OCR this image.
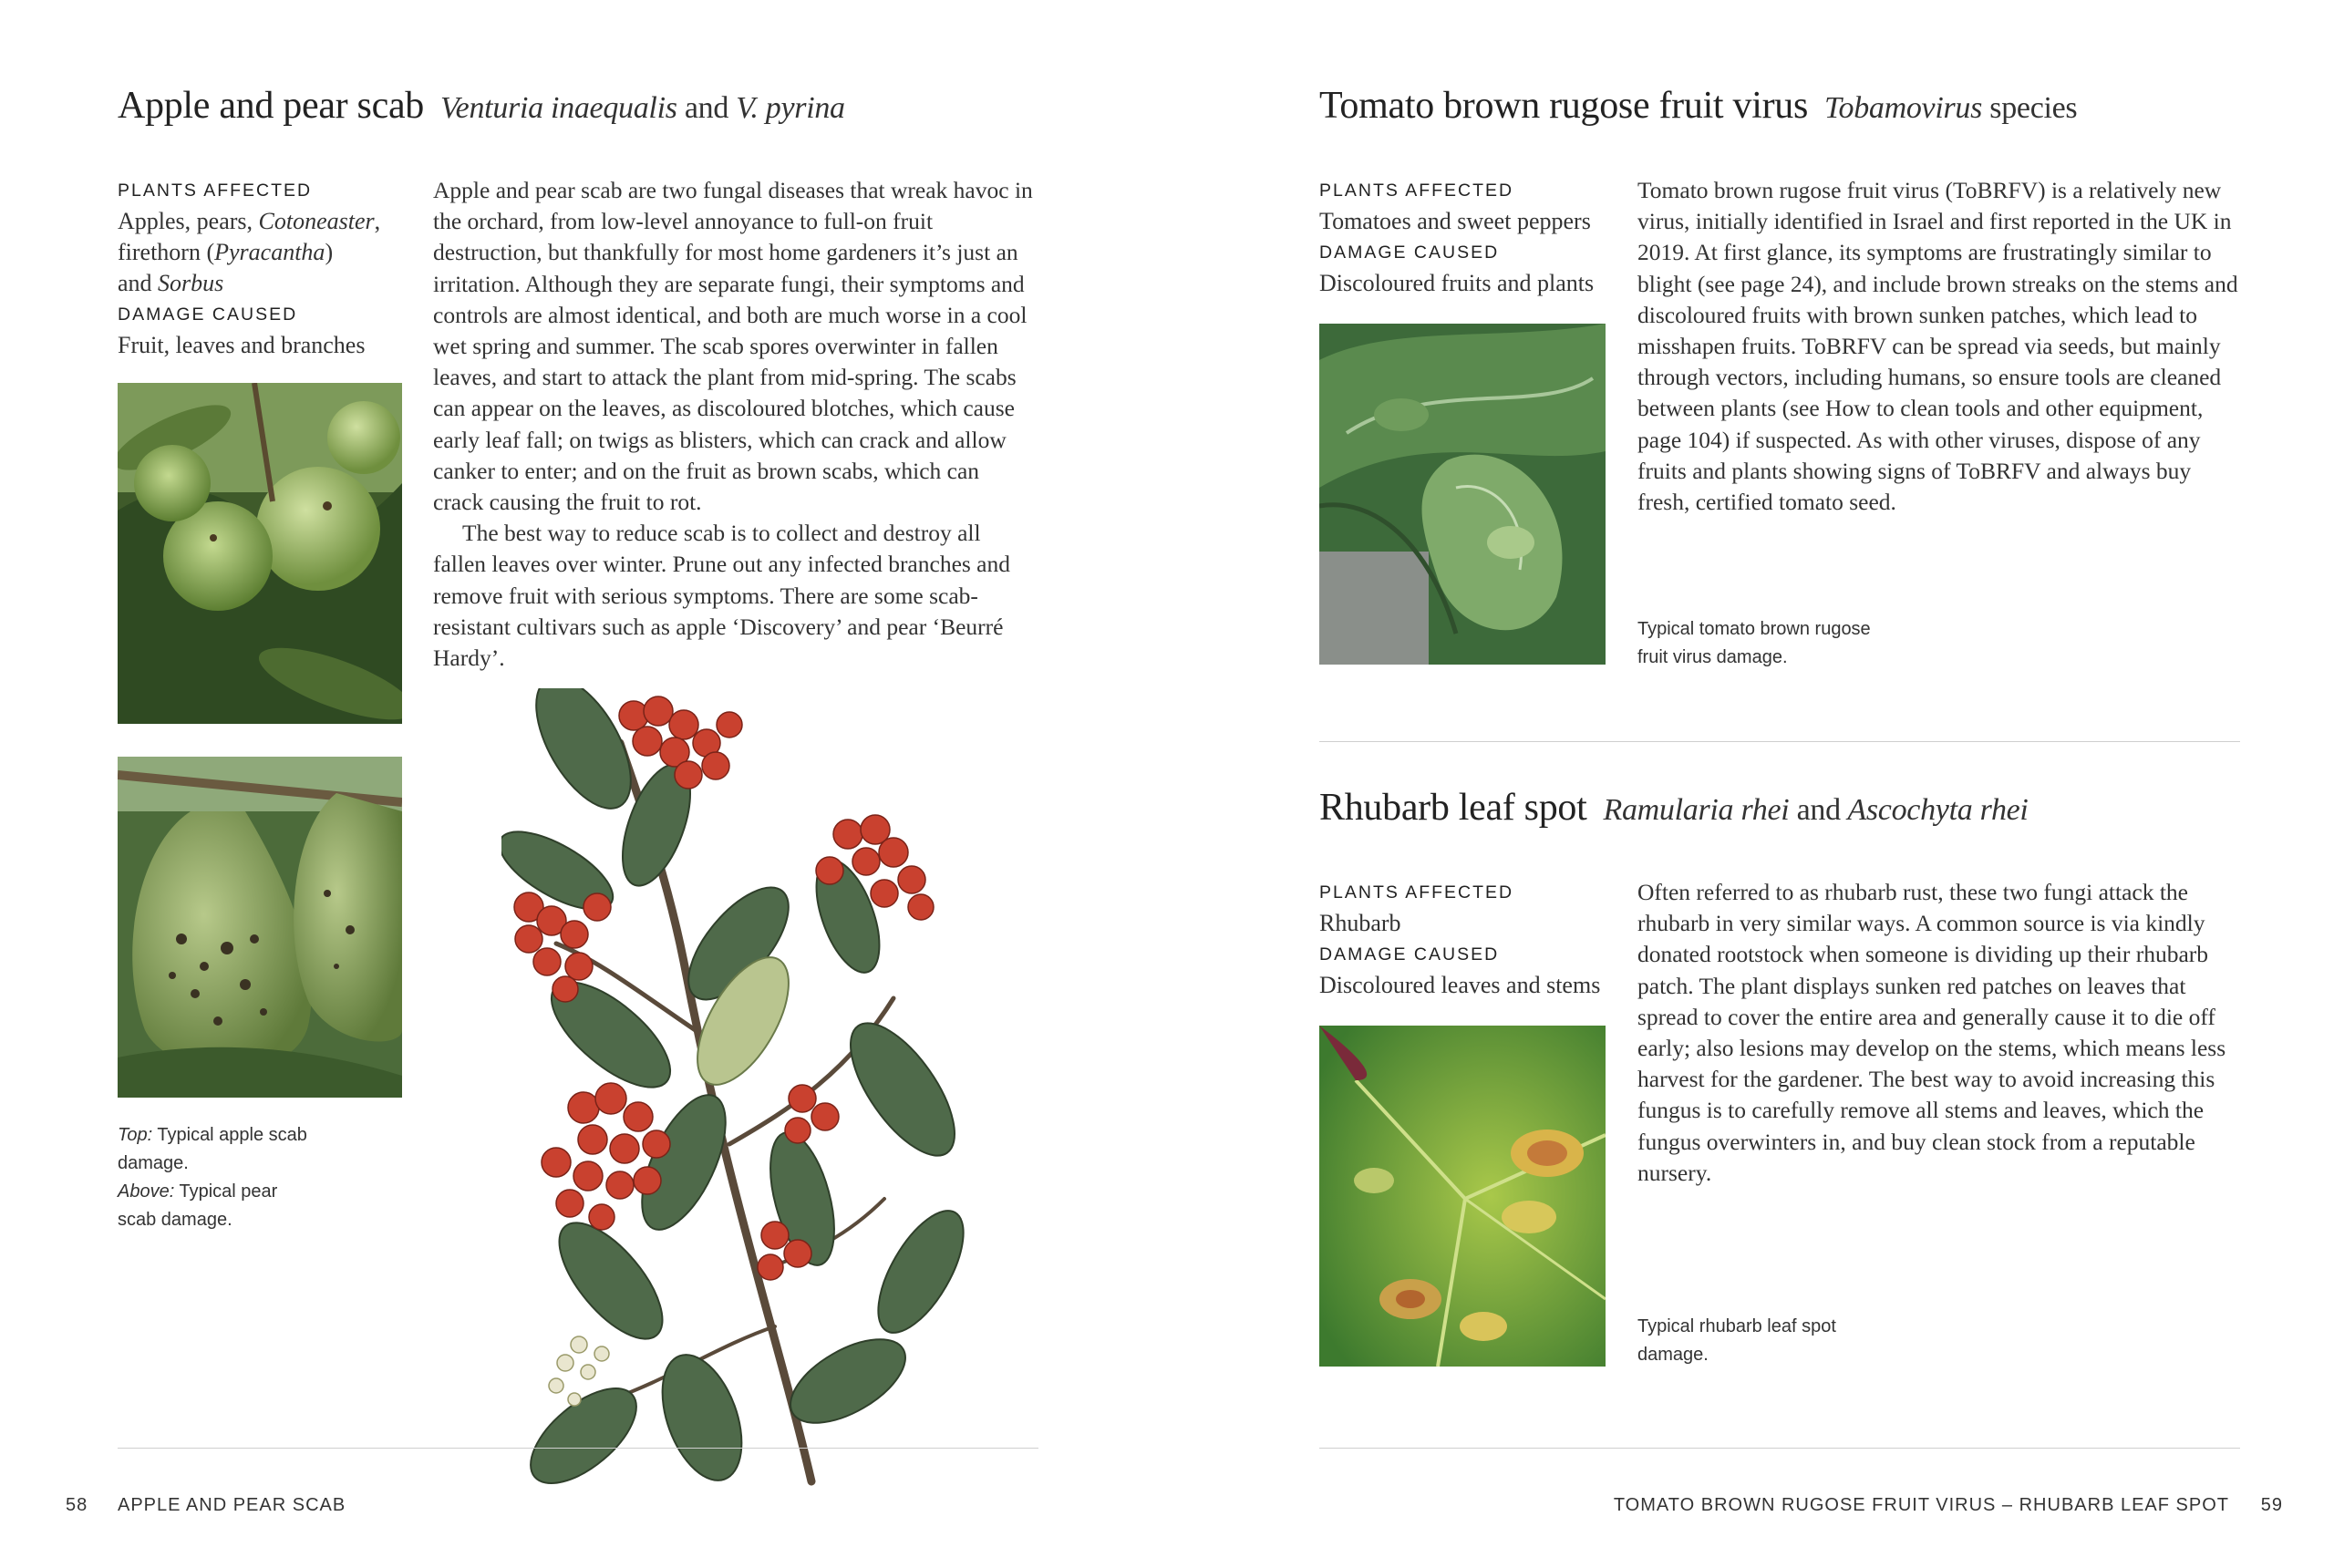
Apple and pear scab Venturia inaequalis and V. pyrina
PLANTS AFFECTED
Apples, pears, Cotoneaster,
firethorn (Pyracantha)
and Sorbus
DAMAGE CAUSED
Fruit, leaves and branches

Apple and pear scab are two fungal diseases that wreak havoc in the orchard, from low-level annoyance to full-on fruit destruction, but thankfully for most home gardeners it’s just an irritation. Although they are separate fungi, their symptoms and controls are almost identical, and both are much worse in a cool wet spring and summer. The scab spores overwinter in fallen leaves, and start to attack the plant from mid-spring. The scabs can appear on the leaves, as discoloured blotches, which cause early leaf fall; on twigs as blisters, which can crack and allow canker to enter; and on the fruit as brown scabs, which can crack causing the fruit to rot.

The best way to reduce scab is to collect and destroy all fallen leaves over winter. Prune out any infected branches and remove fruit with serious symptoms. There are some scab-resistant cultivars such as apple ‘Discovery’ and pear ‘Beurré Hardy’.

Top: Typical apple scab damage.
Above: Typical pear scab damage.
58 APPLE AND PEAR SCAB
Tomato brown rugose fruit virus Tobamovirus species
PLANTS AFFECTED
Tomatoes and sweet peppers
DAMAGE CAUSED
Discoloured fruits and plants
Tomato brown rugose fruit virus (ToBRFV) is a relatively new virus, initially identified in Israel and first reported in the UK in 2019. At first glance, its symptoms are frustratingly similar to blight (see page 24), and include brown streaks on the stems and discoloured fruits with brown sunken patches, which lead to misshapen fruits. ToBRFV can be spread via seeds, but mainly through vectors, including humans, so ensure tools are cleaned between plants (see How to clean tools and other equipment, page 104) if suspected. As with other viruses, dispose of any fruits and plants showing signs of ToBRFV and always buy fresh, certified tomato seed.
Typical tomato brown rugose fruit virus damage.
Rhubarb leaf spot Ramularia rhei and Ascochyta rhei
PLANTS AFFECTED
Rhubarb
DAMAGE CAUSED
Discoloured leaves and stems
Often referred to as rhubarb rust, these two fungi attack the rhubarb in very similar ways. A common source is via kindly donated rootstock when someone is dividing up their rhubarb patch. The plant displays sunken red patches on leaves that spread to cover the entire area and generally cause it to die off early; also lesions may develop on the stems, which means less harvest for the gardener. The best way to avoid increasing this fungus is to carefully remove all stems and leaves, which the fungus overwinters in, and buy clean stock from a reputable nursery.
Typical rhubarb leaf spot damage.
TOMATO BROWN RUGOSE FRUIT VIRUS – RHUBARB LEAF SPOT 59
